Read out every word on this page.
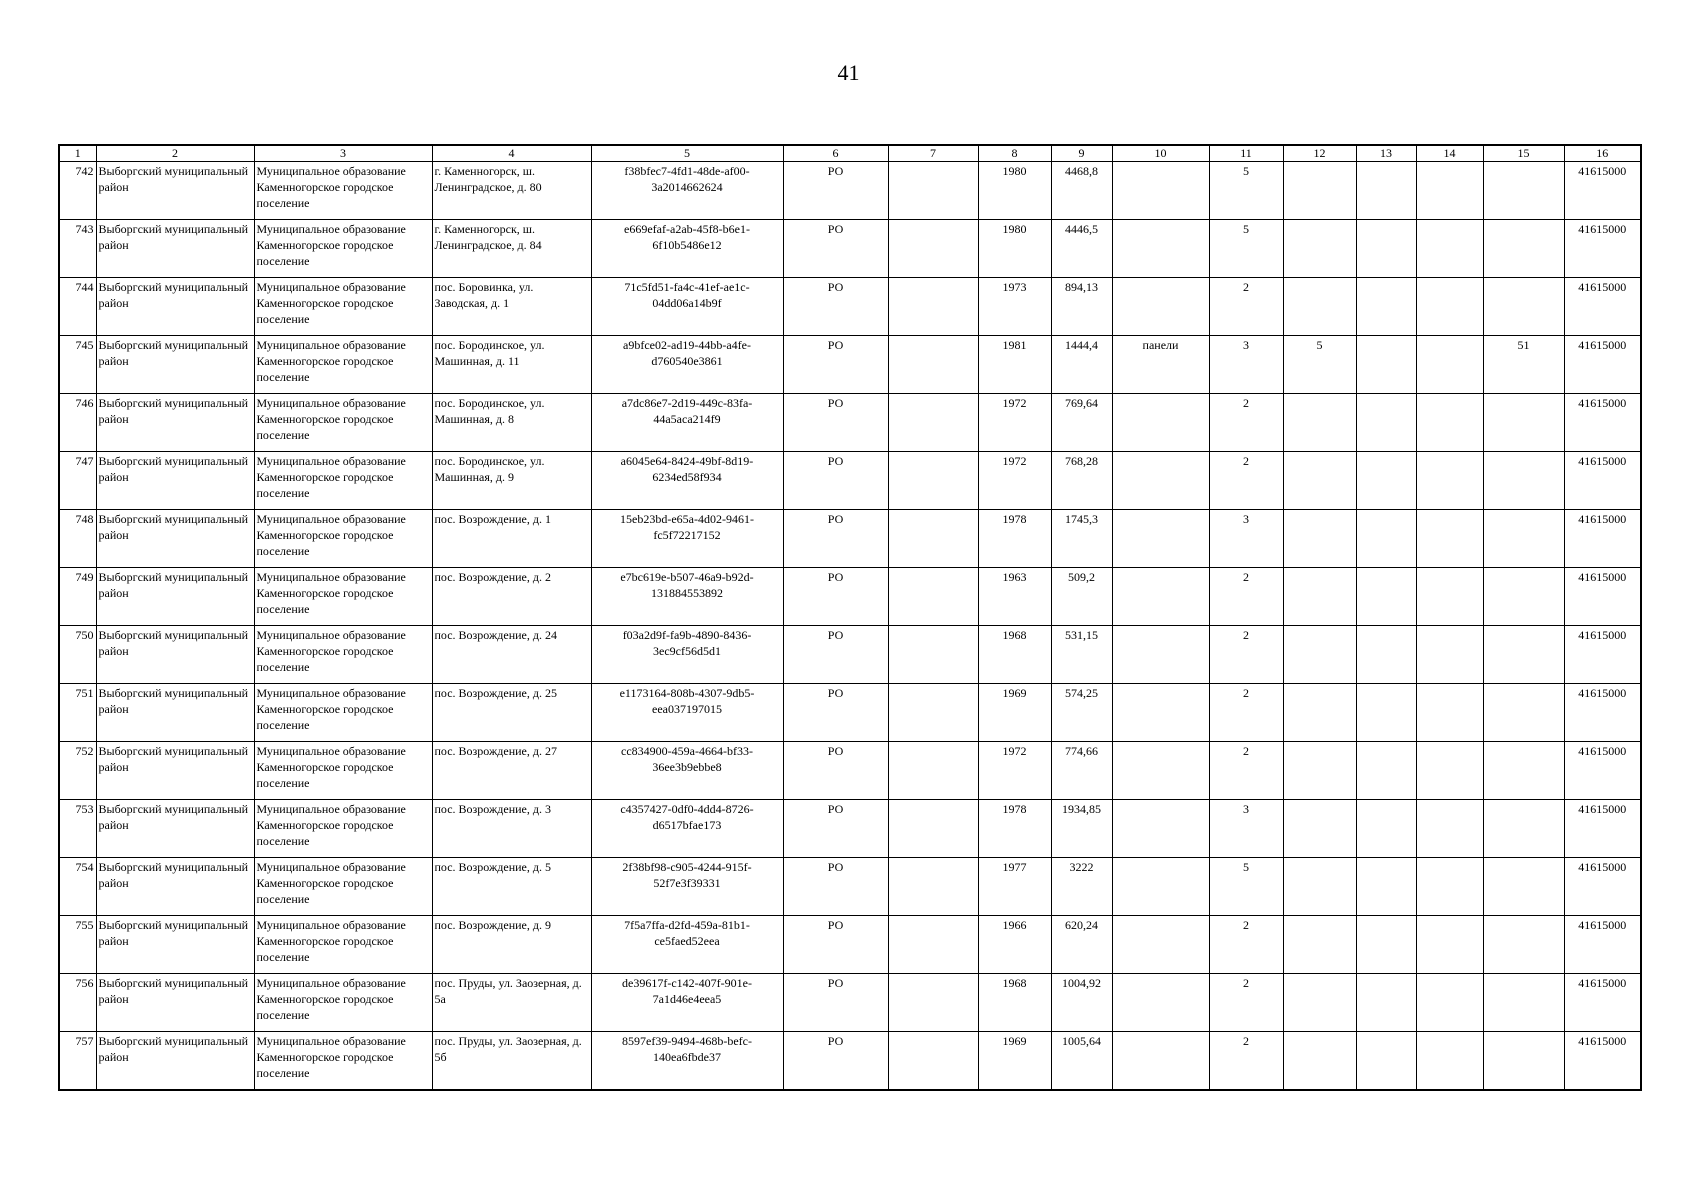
41
1	2	3	4	5	6	7	8	9	10	11	12	13	14	15	16
742	Выборгский муниципальный район	Муниципальное образование Каменногорское городское поселение	г. Каменногорск, ш. Ленинградское, д. 80	f38bfec7-4fd1-48de-af00-3a2014662624	РО		1980	4468,8		5					41615000
743	Выборгский муниципальный район	Муниципальное образование Каменногорское городское поселение	г. Каменногорск, ш. Ленинградское, д. 84	e669efaf-a2ab-45f8-b6e1-6f10b5486e12	РО		1980	4446,5		5					41615000
744	Выборгский муниципальный район	Муниципальное образование Каменногорское городское поселение	пос. Боровинка, ул. Заводская, д. 1	71c5fd51-fa4c-41ef-ae1c-04dd06a14b9f	РО		1973	894,13		2					41615000
745	Выборгский муниципальный район	Муниципальное образование Каменногорское городское поселение	пос. Бородинское, ул. Машинная, д. 11	a9bfce02-ad19-44bb-a4fe-d760540e3861	РО		1981	1444,4	панели	3	5			51	41615000
746	Выборгский муниципальный район	Муниципальное образование Каменногорское городское поселение	пос. Бородинское, ул. Машинная, д. 8	a7dc86e7-2d19-449c-83fa-44a5aca214f9	РО		1972	769,64		2					41615000
747	Выборгский муниципальный район	Муниципальное образование Каменногорское городское поселение	пос. Бородинское, ул. Машинная, д. 9	a6045e64-8424-49bf-8d19-6234ed58f934	РО		1972	768,28		2					41615000
748	Выборгский муниципальный район	Муниципальное образование Каменногорское городское поселение	пос. Возрождение, д. 1	15eb23bd-e65a-4d02-9461-fc5f72217152	РО		1978	1745,3		3					41615000
749	Выборгский муниципальный район	Муниципальное образование Каменногорское городское поселение	пос. Возрождение, д. 2	e7bc619e-b507-46a9-b92d-131884553892	РО		1963	509,2		2					41615000
750	Выборгский муниципальный район	Муниципальное образование Каменногорское городское поселение	пос. Возрождение, д. 24	f03a2d9f-fa9b-4890-8436-3ec9cf56d5d1	РО		1968	531,15		2					41615000
751	Выборгский муниципальный район	Муниципальное образование Каменногорское городское поселение	пос. Возрождение, д. 25	e1173164-808b-4307-9db5-eea037197015	РО		1969	574,25		2					41615000
752	Выборгский муниципальный район	Муниципальное образование Каменногорское городское поселение	пос. Возрождение, д. 27	cc834900-459a-4664-bf33-36ee3b9ebbe8	РО		1972	774,66		2					41615000
753	Выборгский муниципальный район	Муниципальное образование Каменногорское городское поселение	пос. Возрождение, д. 3	c4357427-0df0-4dd4-8726-d6517bfae173	РО		1978	1934,85		3					41615000
754	Выборгский муниципальный район	Муниципальное образование Каменногорское городское поселение	пос. Возрождение, д. 5	2f38bf98-c905-4244-915f-52f7e3f39331	РО		1977	3222		5					41615000
755	Выборгский муниципальный район	Муниципальное образование Каменногорское городское поселение	пос. Возрождение, д. 9	7f5a7ffa-d2fd-459a-81b1-ce5faed52eea	РО		1966	620,24		2					41615000
756	Выборгский муниципальный район	Муниципальное образование Каменногорское городское поселение	пос. Пруды, ул. Заозерная, д. 5а	de39617f-c142-407f-901e-7a1d46e4eea5	РО		1968	1004,92		2					41615000
757	Выборгский муниципальный район	Муниципальное образование Каменногорское городское поселение	пос. Пруды, ул. Заозерная, д. 5б	8597ef39-9494-468b-befc-140ea6fbde37	РО		1969	1005,64		2					41615000
